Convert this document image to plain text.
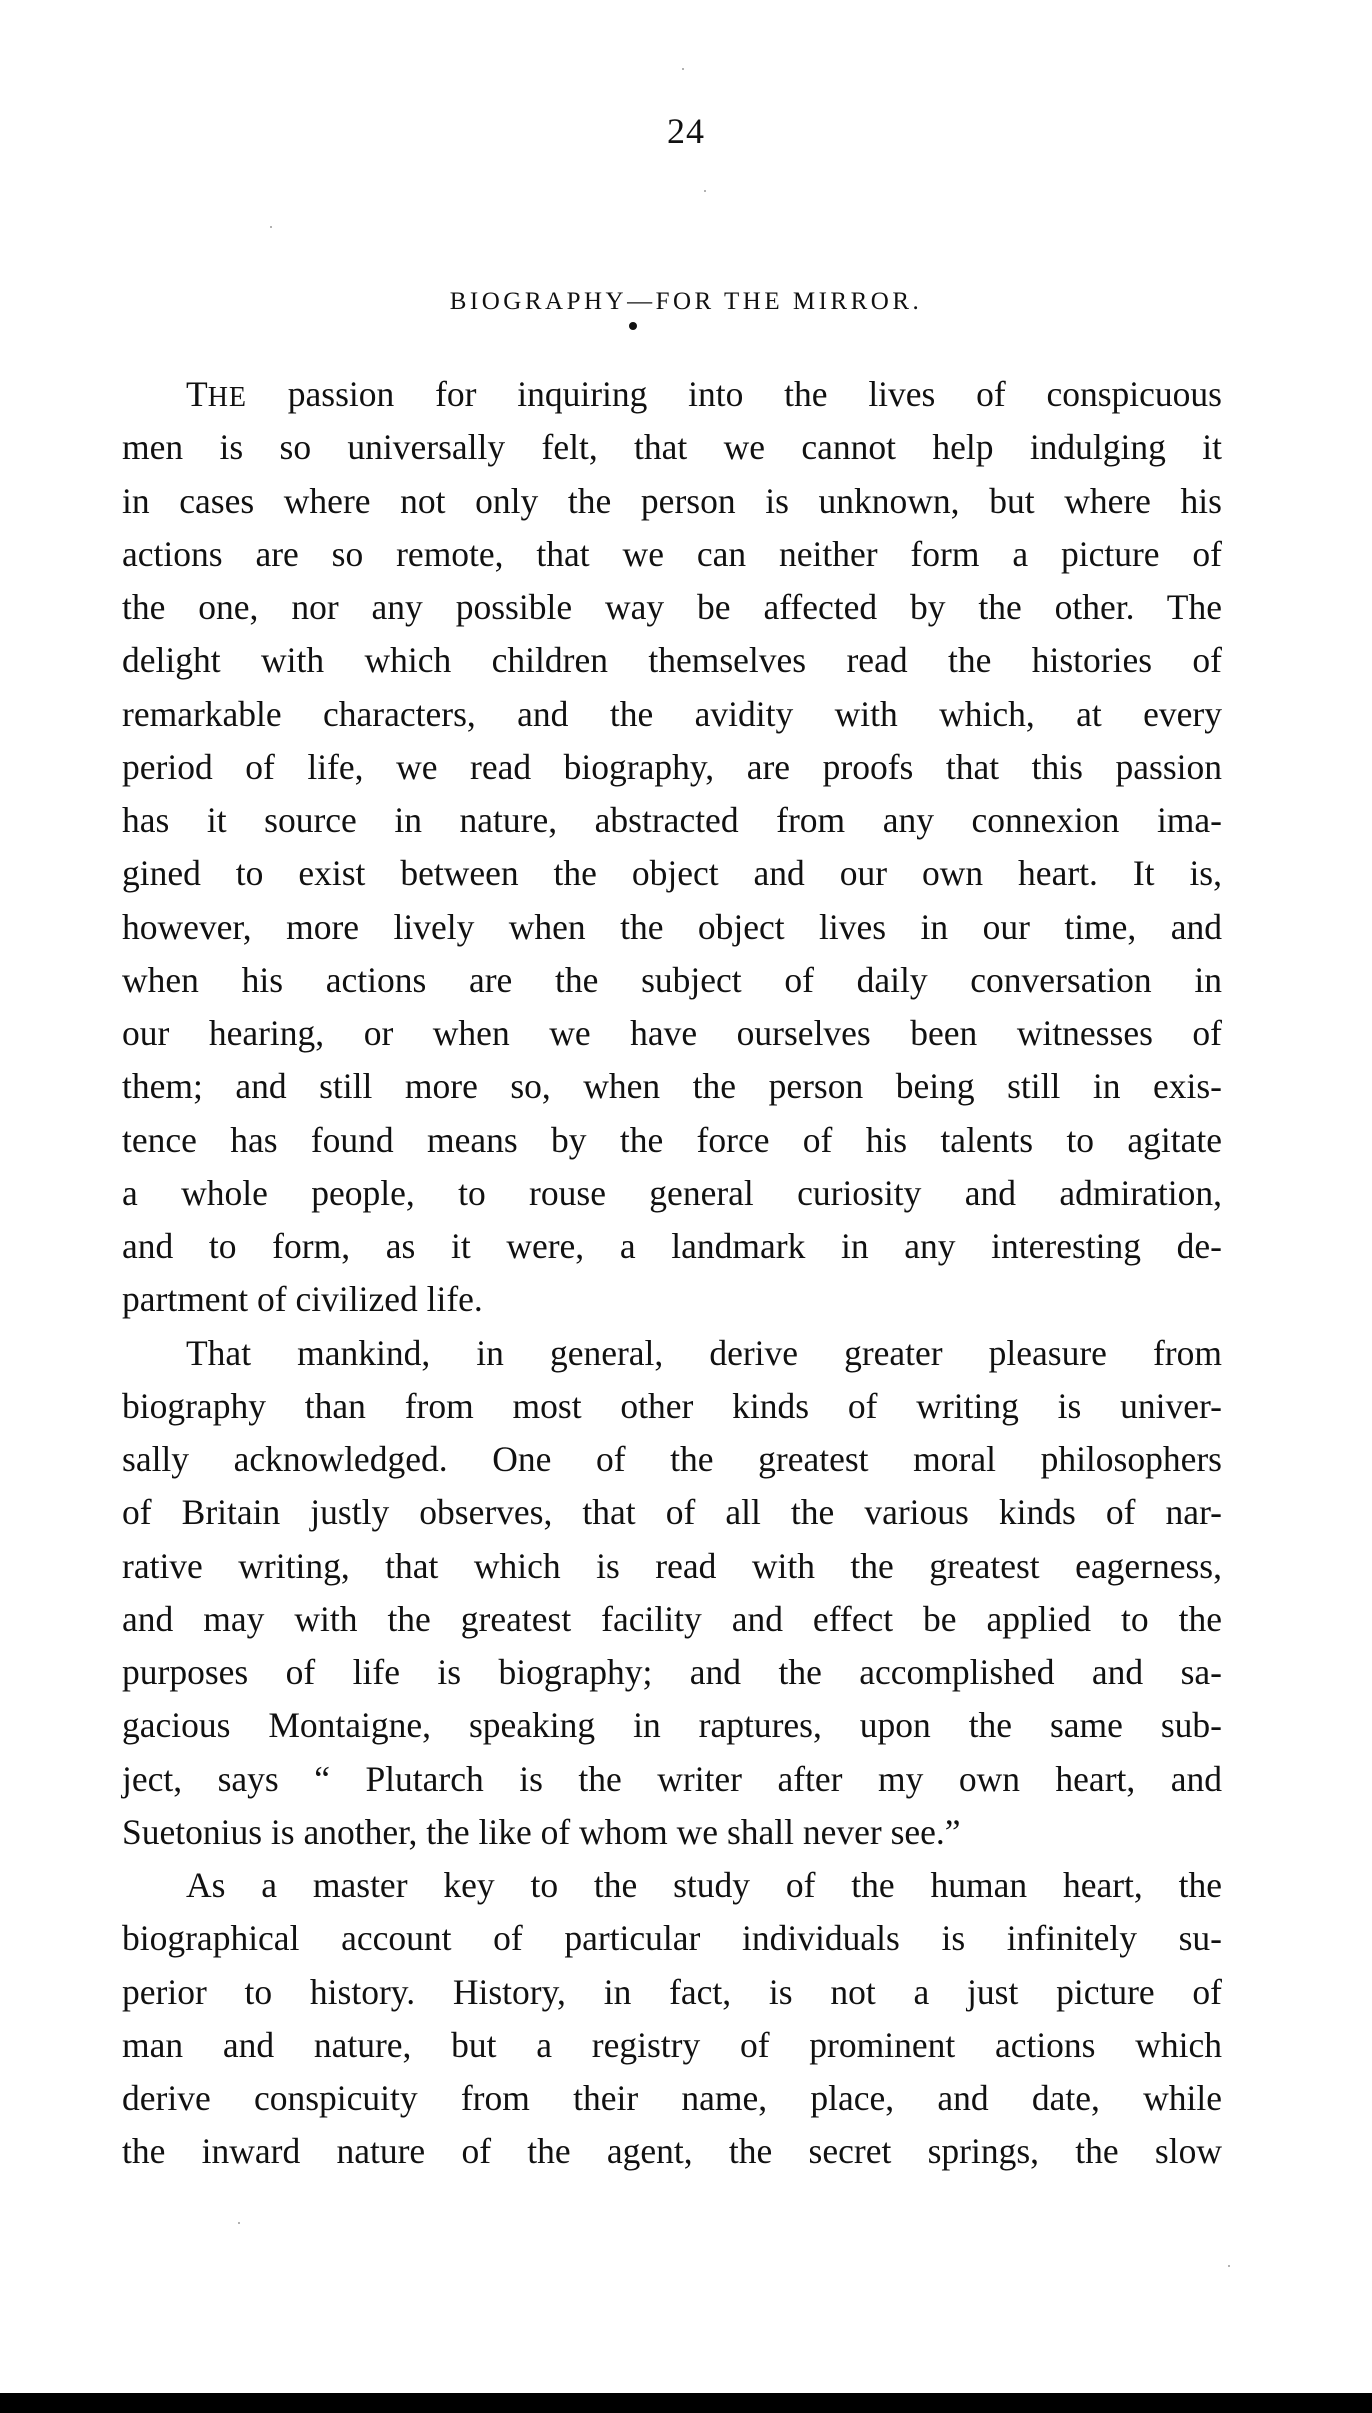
24
BIOGRAPHY—FOR THE MIRROR.
THE passion for inquiring into the lives of conspicuous
men is so universally felt, that we cannot help indulging it
in cases where not only the person is unknown, but where his
actions are so remote, that we can neither form a picture of
the one, nor any possible way be affected by the other. The
delight with which children themselves read the histories of
remarkable characters, and the avidity with which, at every
period of life, we read biography, are proofs that this passion
has it source in nature, abstracted from any connexion ima-
gined to exist between the object and our own heart. It is,
however, more lively when the object lives in our time, and
when his actions are the subject of daily conversation in
our hearing, or when we have ourselves been witnesses of
them; and still more so, when the person being still in exis-
tence has found means by the force of his talents to agitate
a whole people, to rouse general curiosity and admiration,
and to form, as it were, a landmark in any interesting de-
partment of civilized life.
That mankind, in general, derive greater pleasure from
biography than from most other kinds of writing is univer-
sally acknowledged. One of the greatest moral philosophers
of Britain justly observes, that of all the various kinds of nar-
rative writing, that which is read with the greatest eagerness,
and may with the greatest facility and effect be applied to the
purposes of life is biography; and the accomplished and sa-
gacious Montaigne, speaking in raptures, upon the same sub-
ject, says “ Plutarch is the writer after my own heart, and
Suetonius is another, the like of whom we shall never see.”
As a master key to the study of the human heart, the
biographical account of particular individuals is infinitely su-
perior to history. History, in fact, is not a just picture of
man and nature, but a registry of prominent actions which
derive conspicuity from their name, place, and date, while
the inward nature of the agent, the secret springs, the slow
